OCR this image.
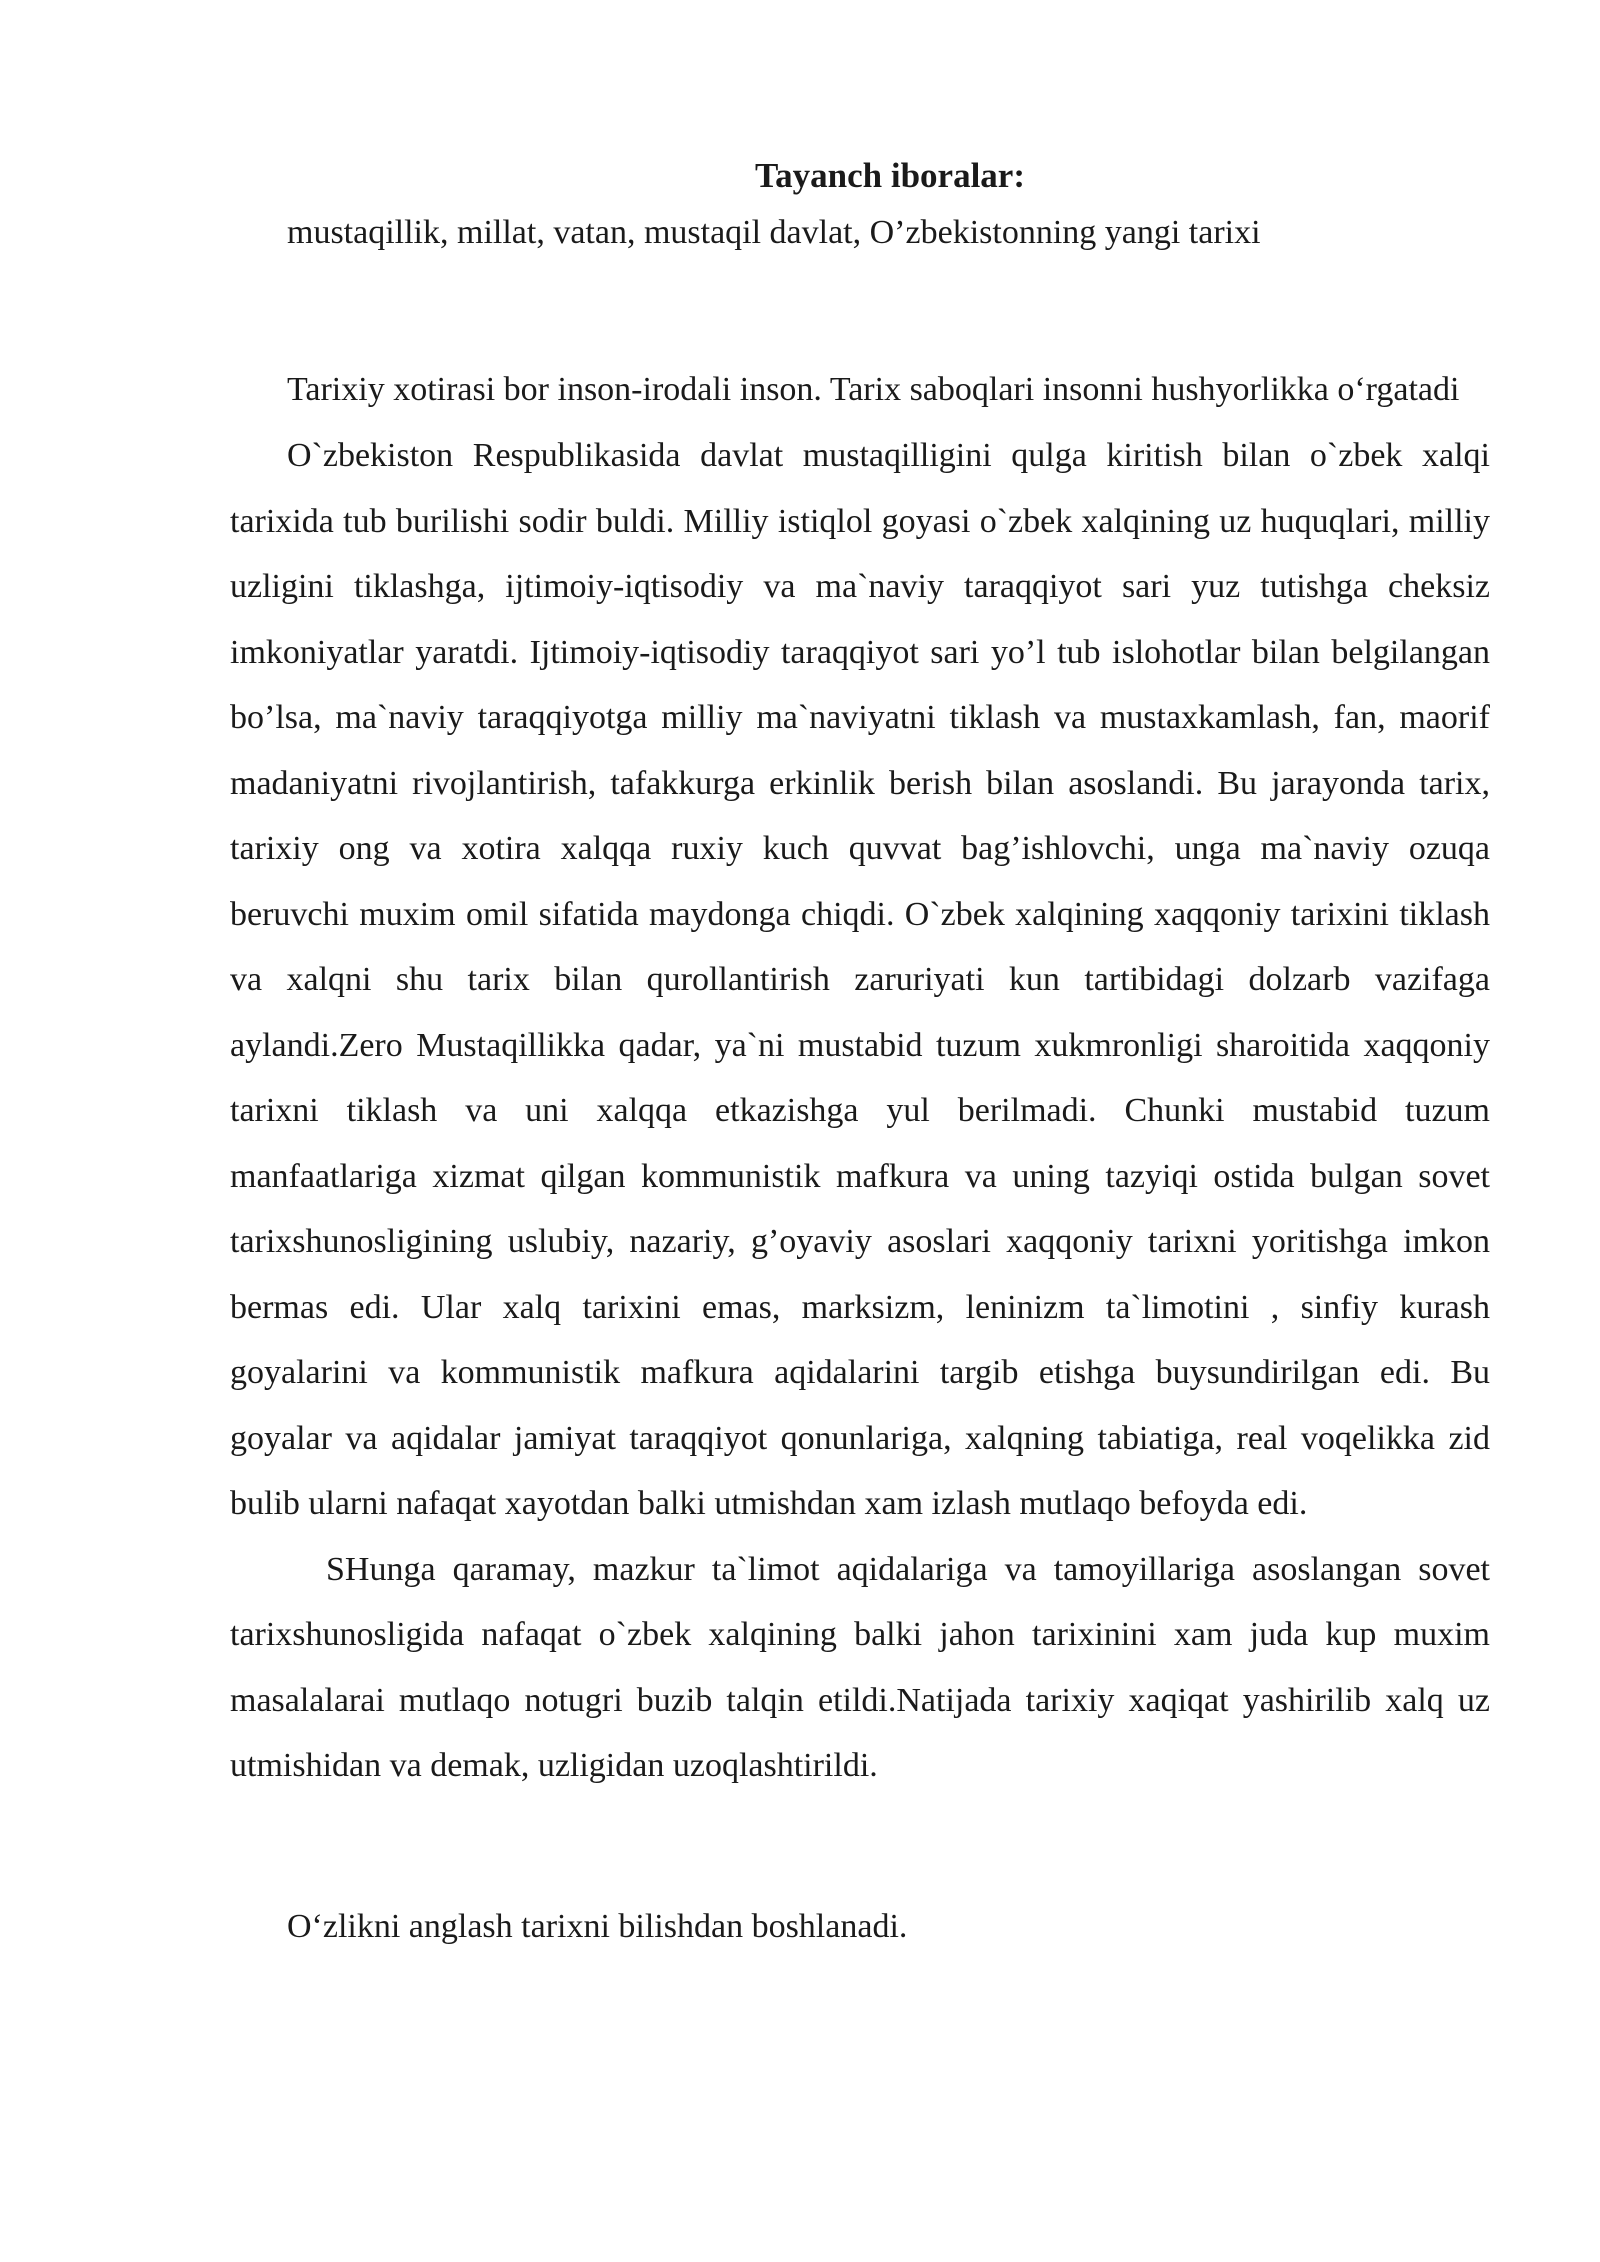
Tayanch iboralar:

mustaqillik, millat, vatan, mustaqil davlat, O’zbekistonning yangi tarixi

Tarixiy xotirasi bor inson-irodali inson. Tarix saboqlari insonni hushyorlikka o‘rgatadi

O`zbekiston Respublikasida davlat mustaqilligini qulga kiritish bilan o`zbek xalqi tarixida tub burilishi sodir buldi. Milliy istiqlol goyasi o`zbek xalqining uz huquqlari, milliy uzligini tiklashga, ijtimoiy-iqtisodiy va ma`naviy taraqqiyot sari yuz tutishga cheksiz imkoniyatlar yaratdi. Ijtimoiy-iqtisodiy taraqqiyot sari yo’l tub islohotlar bilan belgilangan bo’lsa, ma`naviy taraqqiyotga milliy ma`naviyatni tiklash va mustaxkamlash, fan, maorif madaniyatni rivojlantirish, tafakkurga erkinlik berish bilan asoslandi. Bu jarayonda tarix, tarixiy ong va xotira xalqqa ruxiy kuch quvvat bag’ishlovchi, unga ma`naviy ozuqa beruvchi muxim omil sifatida maydonga chiqdi. O`zbek xalqining xaqqoniy tarixini tiklash va xalqni shu tarix bilan qurollantirish zaruriyati kun tartibidagi dolzarb vazifaga aylandi.Zero Mustaqillikka qadar, ya`ni mustabid tuzum xukmronligi sharoitida xaqqoniy tarixni tiklash va uni xalqqa etkazishga yul berilmadi. Chunki mustabid tuzum manfaatlariga xizmat qilgan kommunistik mafkura va uning tazyiqi ostida bulgan sovet tarixshunosligining uslubiy, nazariy, g’oyaviy asoslari xaqqoniy tarixni yoritishga imkon bermas edi. Ular xalq tarixini emas, marksizm, leninizm ta`limotini , sinfiy kurash goyalarini va kommunistik mafkura aqidalarini targib etishga buysundirilgan edi. Bu goyalar va aqidalar jamiyat taraqqiyot qonunlariga, xalqning tabiatiga, real voqelikka zid bulib ularni nafaqat xayotdan balki utmishdan xam izlash mutlaqo befoyda edi.

SHunga qaramay, mazkur ta`limot aqidalariga va tamoyillariga asoslangan sovet tarixshunosligida nafaqat o`zbek xalqining balki jahon tarixinini xam juda kup muxim masalalarai mutlaqo notugri buzib talqin etildi.Natijada tarixiy xaqiqat yashirilib xalq uz utmishidan va demak, uzligidan uzoqlashtirildi.

O‘zlikni anglash tarixni bilishdan boshlanadi.
